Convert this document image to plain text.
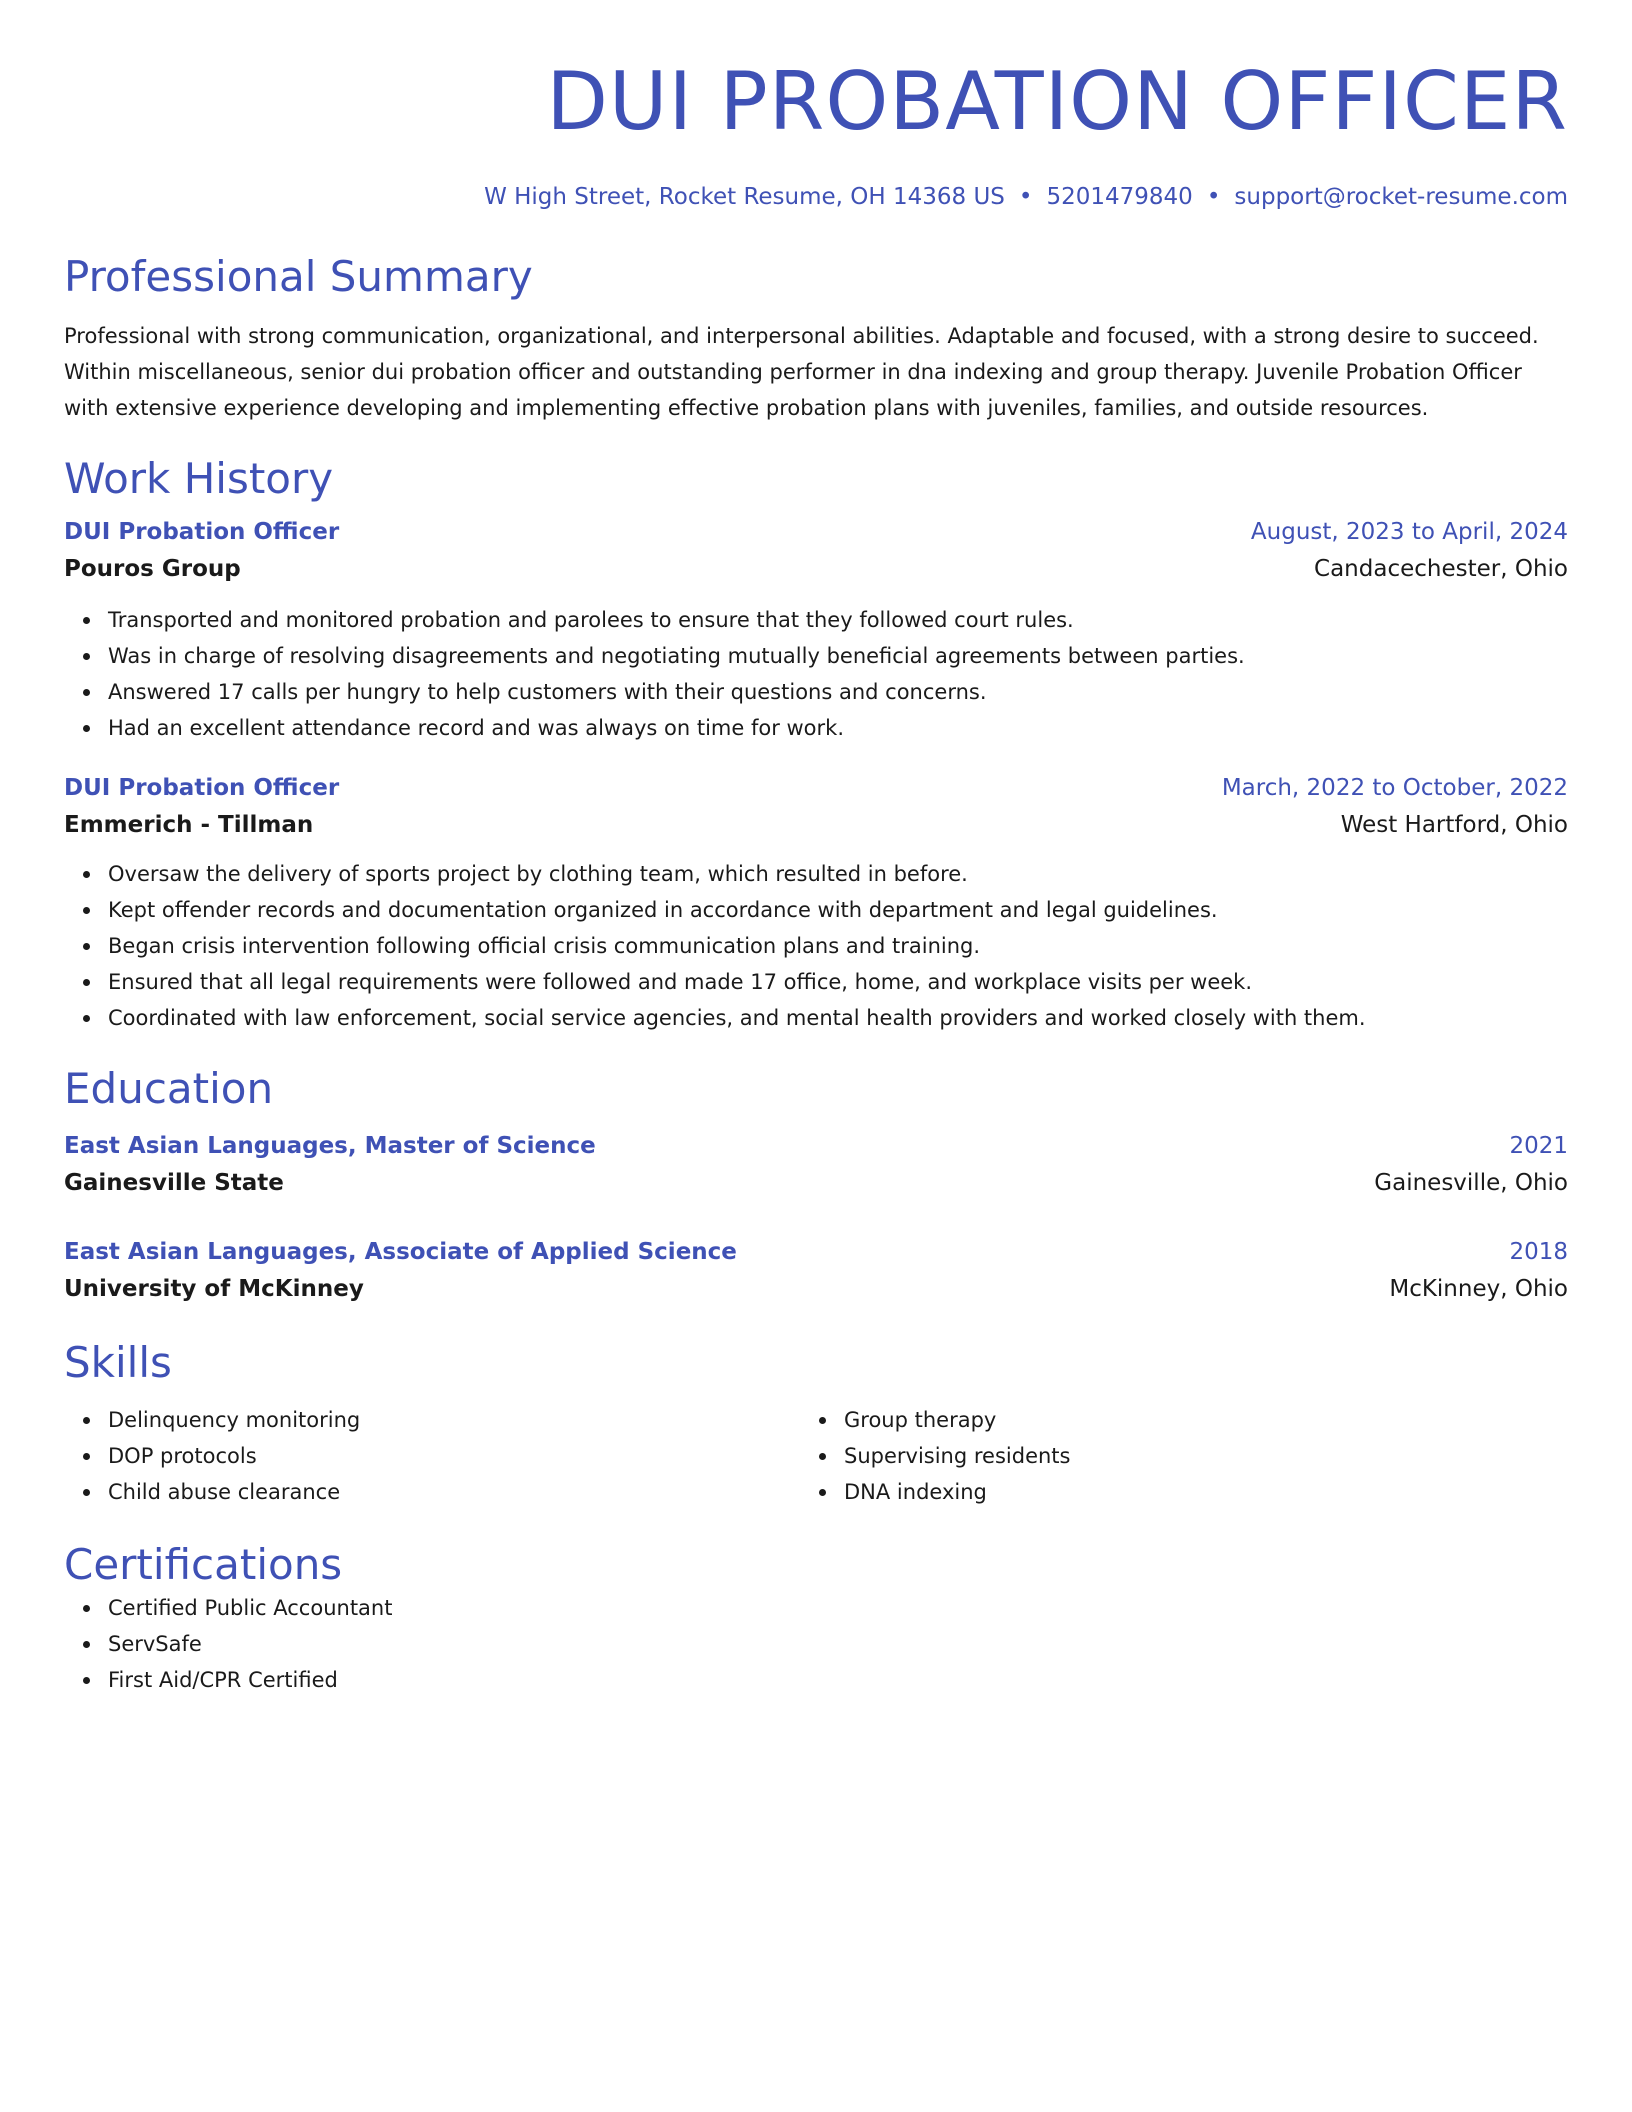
DUI PROBATION OFFICER
W High Street, Rocket Resume, OH 14368 US • 5201479840 • support@rocket-resume.com
Professional Summary
Professional with strong communication, organizational, and interpersonal abilities. Adaptable and focused, with a strong desire to succeed. Within miscellaneous, senior dui probation officer and outstanding performer in dna indexing and group therapy. Juvenile Probation Officer with extensive experience developing and implementing effective probation plans with juveniles, families, and outside resources.
Work History
DUI Probation Officer	August, 2023 to April, 2024
Pouros Group	Candacechester, Ohio
Transported and monitored probation and parolees to ensure that they followed court rules.
Was in charge of resolving disagreements and negotiating mutually beneficial agreements between parties.
Answered 17 calls per hungry to help customers with their questions and concerns.
Had an excellent attendance record and was always on time for work.
DUI Probation Officer	March, 2022 to October, 2022
Emmerich - Tillman	West Hartford, Ohio
Oversaw the delivery of sports project by clothing team, which resulted in before.
Kept offender records and documentation organized in accordance with department and legal guidelines.
Began crisis intervention following official crisis communication plans and training.
Ensured that all legal requirements were followed and made 17 office, home, and workplace visits per week.
Coordinated with law enforcement, social service agencies, and mental health providers and worked closely with them.
Education
East Asian Languages, Master of Science	2021
Gainesville State	Gainesville, Ohio
East Asian Languages, Associate of Applied Science	2018
University of McKinney	McKinney, Ohio
Skills
Delinquency monitoring
DOP protocols
Child abuse clearance
Group therapy
Supervising residents
DNA indexing
Certifications
Certified Public Accountant
ServSafe
First Aid/CPR Certified
